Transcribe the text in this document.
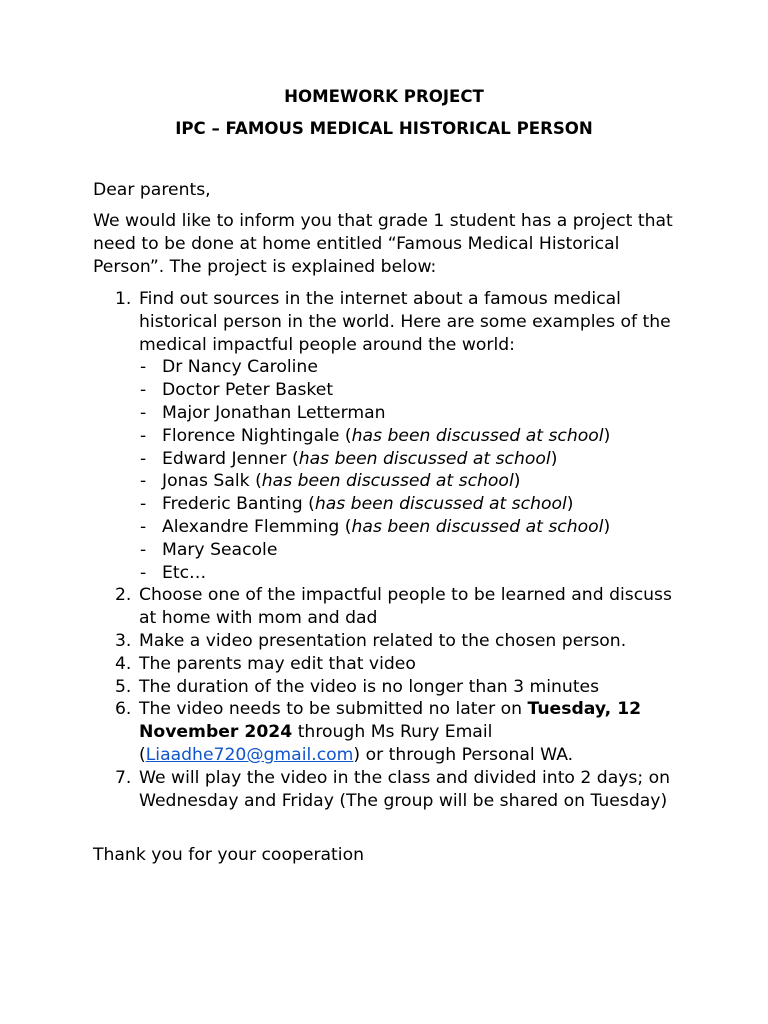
HOMEWORK PROJECT

IPC – FAMOUS MEDICAL HISTORICAL PERSON

Dear parents,

We would like to inform you that grade 1 student has a project that need to be done at home entitled “Famous Medical Historical Person”. The project is explained below:

1. Find out sources in the internet about a famous medical historical person in the world. Here are some examples of the medical impactful people around the world:
- Dr Nancy Caroline
- Doctor Peter Basket
- Major Jonathan Letterman
- Florence Nightingale (has been discussed at school)
- Edward Jenner (has been discussed at school)
- Jonas Salk (has been discussed at school)
- Frederic Banting (has been discussed at school)
- Alexandre Flemming (has been discussed at school)
- Mary Seacole
- Etc…
2. Choose one of the impactful people to be learned and discuss at home with mom and dad
3. Make a video presentation related to the chosen person.
4. The parents may edit that video
5. The duration of the video is no longer than 3 minutes
6. The video needs to be submitted no later on Tuesday, 12 November 2024 through Ms Rury Email (Liaadhe720@gmail.com) or through Personal WA.
7. We will play the video in the class and divided into 2 days; on Wednesday and Friday (The group will be shared on Tuesday)

Thank you for your cooperation
